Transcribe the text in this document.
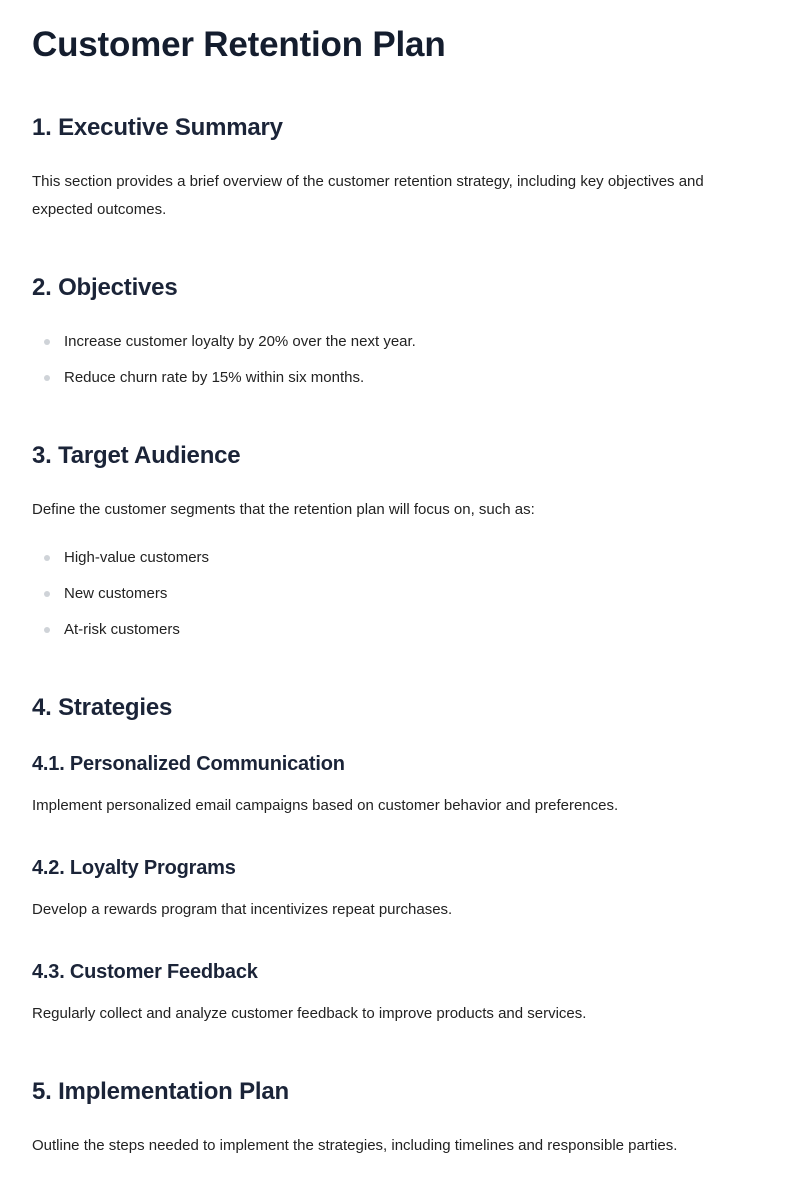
Customer Retention Plan
1. Executive Summary

This section provides a brief overview of the customer retention strategy, including key objectives and expected outcomes.

2. Objectives
Increase customer loyalty by 20% over the next year.
Reduce churn rate by 15% within six months.
3. Target Audience

Define the customer segments that the retention plan will focus on, such as:

High-value customers
New customers
At-risk customers
4. Strategies
4.1. Personalized Communication

Implement personalized email campaigns based on customer behavior and preferences.

4.2. Loyalty Programs

Develop a rewards program that incentivizes repeat purchases.

4.3. Customer Feedback

Regularly collect and analyze customer feedback to improve products and services.

5. Implementation Plan

Outline the steps needed to implement the strategies, including timelines and responsible parties.
